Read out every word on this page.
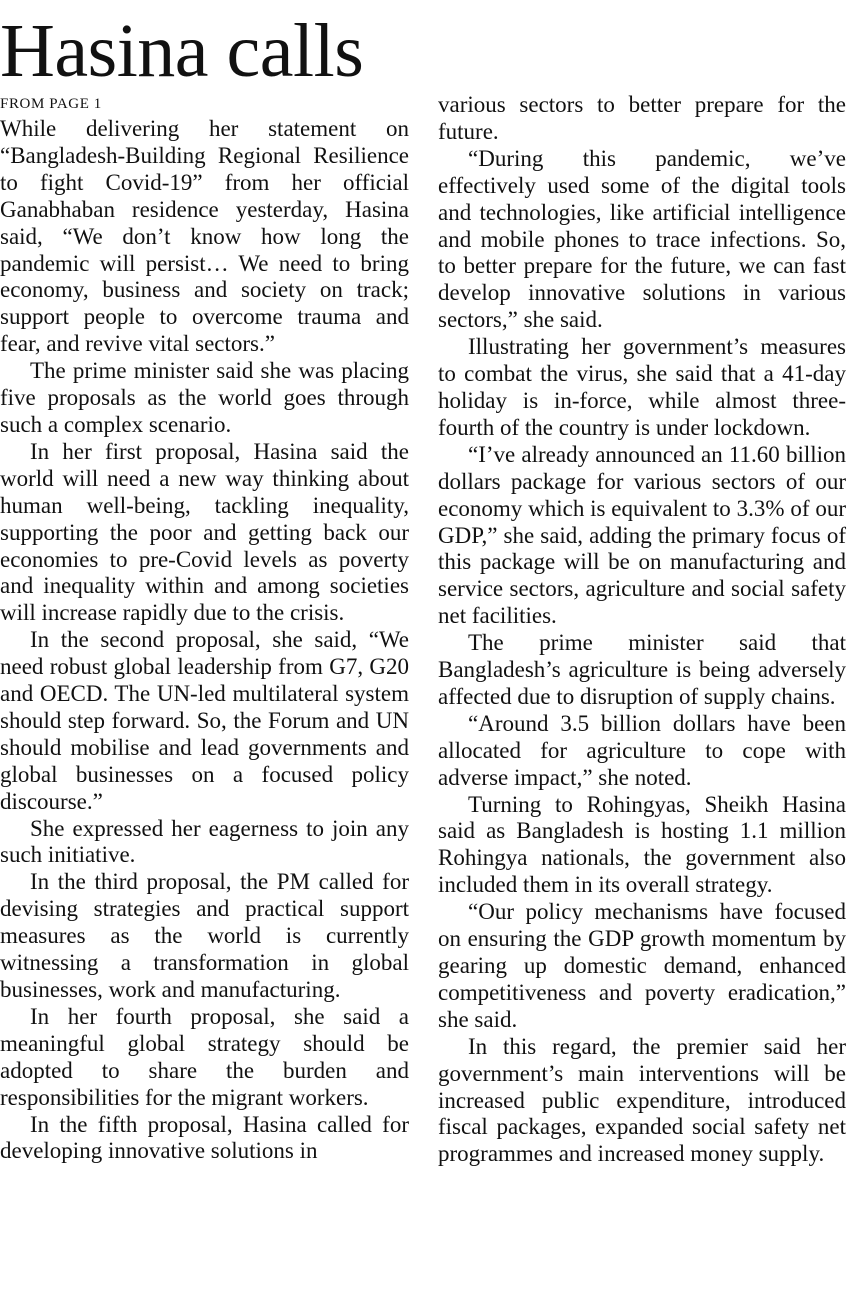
Hasina calls

FROM PAGE 1

While delivering her statement on “Bangladesh-Building Regional Resilience to fight Covid-19” from her official Ganabhaban residence yesterday, Hasina said, “We don’t know how long the pandemic will persist… We need to bring economy, business and society on track; support people to overcome trauma and fear, and revive vital sectors.”

The prime minister said she was placing five proposals as the world goes through such a complex scenario.

In her first proposal, Hasina said the world will need a new way thinking about human well-being, tackling inequality, supporting the poor and getting back our economies to pre-Covid levels as poverty and inequality within and among societies will increase rapidly due to the crisis.

In the second proposal, she said, “We need robust global leadership from G7, G20 and OECD. The UN-led multilateral system should step forward. So, the Forum and UN should mobilise and lead governments and global businesses on a focused policy discourse.”

She expressed her eagerness to join any such initiative.

In the third proposal, the PM called for devising strategies and practical support measures as the world is currently witnessing a transformation in global businesses, work and manufacturing.

In her fourth proposal, she said a meaningful global strategy should be adopted to share the burden and responsibilities for the migrant workers.

In the fifth proposal, Hasina called for developing innovative solutions in

various sectors to better prepare for the future.

“During this pandemic, we’ve effectively used some of the digital tools and technologies, like artificial intelligence and mobile phones to trace infections. So, to better prepare for the future, we can fast develop innovative solutions in various sectors,” she said.

Illustrating her government’s measures to combat the virus, she said that a 41-day holiday is in-force, while almost three-fourth of the country is under lockdown.

“I’ve already announced an 11.60 billion dollars package for various sectors of our economy which is equivalent to 3.3% of our GDP,” she said, adding the primary focus of this package will be on manufacturing and service sectors, agriculture and social safety net facilities.

The prime minister said that Bangladesh’s agriculture is being adversely affected due to disruption of supply chains.

“Around 3.5 billion dollars have been allocated for agriculture to cope with adverse impact,” she noted.

Turning to Rohingyas, Sheikh Hasina said as Bangladesh is hosting 1.1 million Rohingya nationals, the government also included them in its overall strategy.

“Our policy mechanisms have focused on ensuring the GDP growth momentum by gearing up domestic demand, enhanced competitiveness and poverty eradication,” she said.

In this regard, the premier said her government’s main interventions will be increased public expenditure, introduced fiscal packages, expanded social safety net programmes and increased money supply.
